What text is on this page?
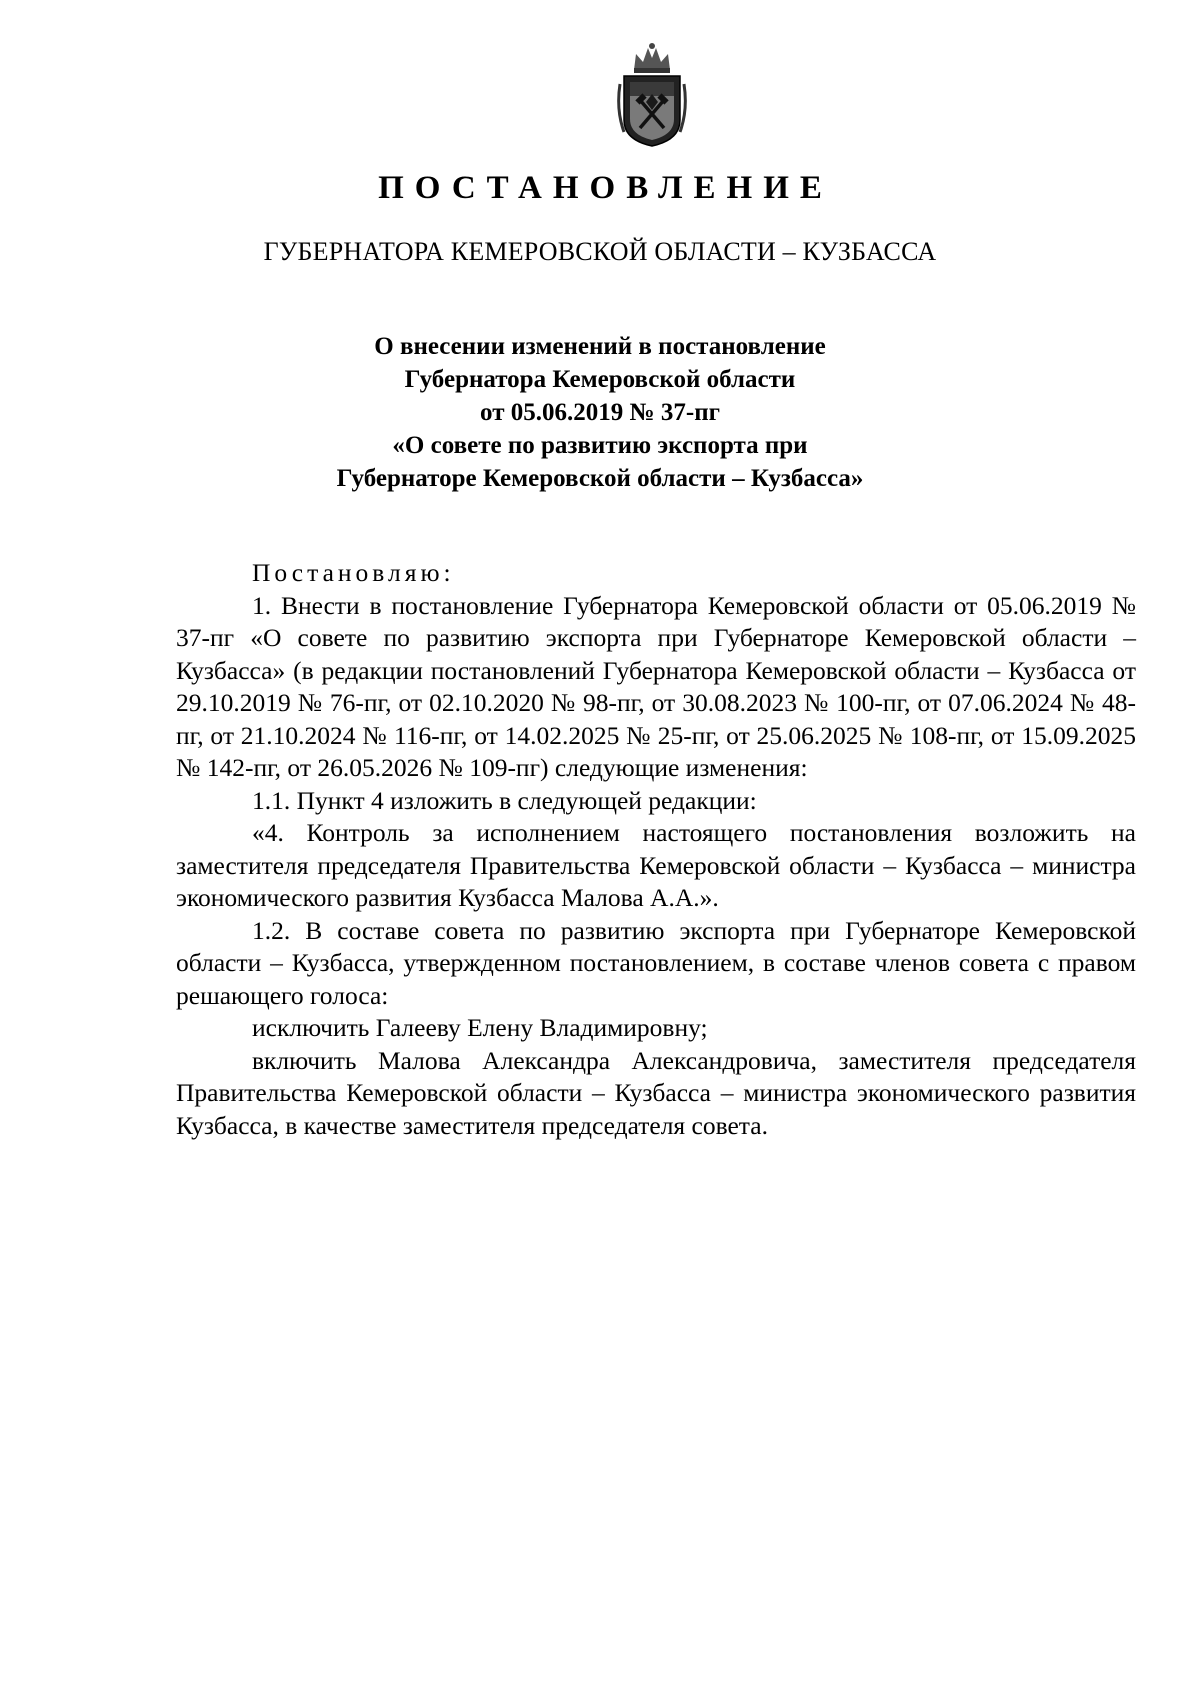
ПОСТАНОВЛЕНИЕ
ГУБЕРНАТОРА КЕМЕРОВСКОЙ ОБЛАСТИ – КУЗБАССА
О внесении изменений в постановление
Губернатора Кемеровской области
от 05.06.2019 № 37-пг
«О совете по развитию экспорта при
Губернаторе Кемеровской области – Кузбасса»

Постановляю:

1. Внести в постановление Губернатора Кемеровской области от 05.06.2019 № 37-пг «О совете по развитию экспорта при Губернаторе Кемеровской области – Кузбасса» (в редакции постановлений Губернатора Кемеровской области – Кузбасса от 29.10.2019 № 76-пг, от 02.10.2020 № 98-пг, от 30.08.2023 № 100-пг, от 07.06.2024 № 48-пг, от 21.10.2024 № 116-пг, от 14.02.2025 № 25-пг, от 25.06.2025 № 108-пг, от 15.09.2025 № 142-пг, от 26.05.2026 № 109-пг) следующие изменения:

1.1. Пункт 4 изложить в следующей редакции:

«4. Контроль за исполнением настоящего постановления возложить на заместителя председателя Правительства Кемеровской области – Кузбасса – министра экономического развития Кузбасса Малова А.А.».

1.2. В составе совета по развитию экспорта при Губернаторе Кемеровской области – Кузбасса, утвержденном постановлением, в составе членов совета с правом решающего голоса:

исключить Галееву Елену Владимировну;

включить Малова Александра Александровича, заместителя председателя Правительства Кемеровской области – Кузбасса – министра экономического развития Кузбасса, в качестве заместителя председателя совета.
